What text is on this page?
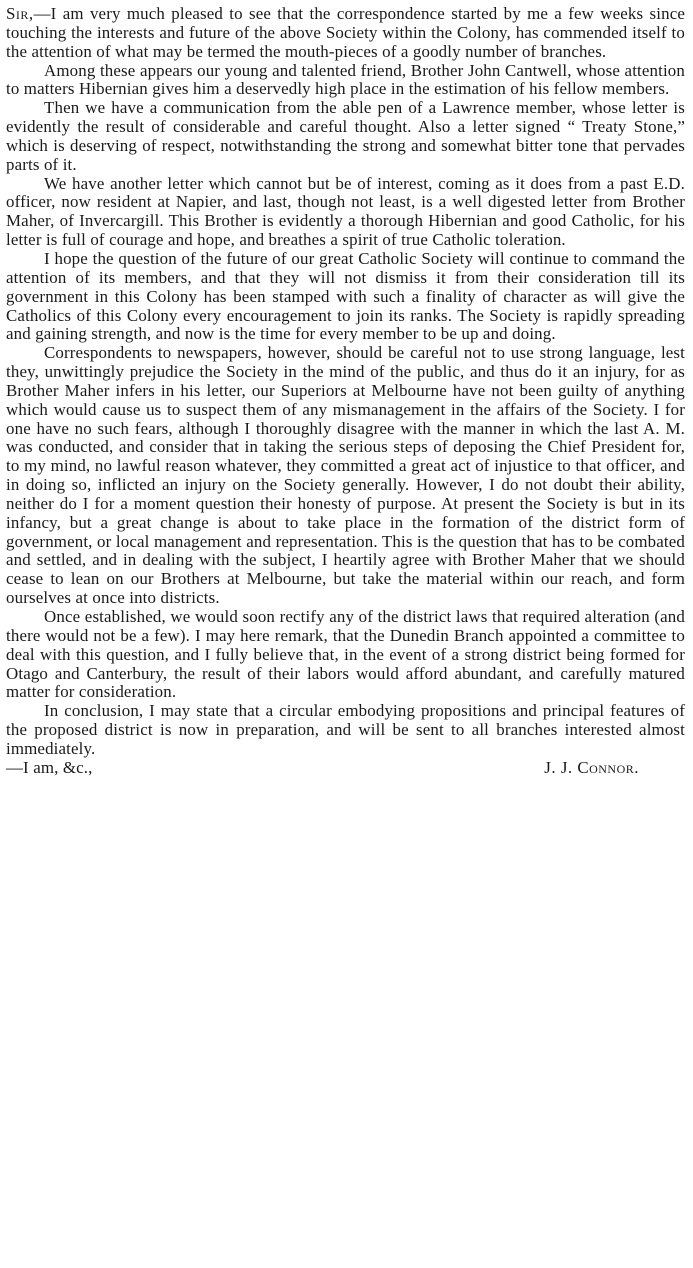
Sir,—I am very much pleased to see that the correspondence started by me a few weeks since touching the interests and future of the above Society within the Colony, has commended itself to the attention of what may be termed the mouth-pieces of a goodly number of branches.

Among these appears our young and talented friend, Brother John Cantwell, whose attention to matters Hibernian gives him a deservedly high place in the estimation of his fellow members.

Then we have a communication from the able pen of a Lawrence member, whose letter is evidently the result of considerable and careful thought. Also a letter signed “ Treaty Stone,” which is deserving of respect, notwithstanding the strong and somewhat bitter tone that pervades parts of it.

We have another letter which cannot but be of interest, coming as it does from a past E.D. officer, now resident at Napier, and last, though not least, is a well digested letter from Brother Maher, of Invercargill. This Brother is evidently a thorough Hibernian and good Catholic, for his letter is full of courage and hope, and breathes a spirit of true Catholic toleration.

I hope the question of the future of our great Catholic Society will continue to command the attention of its members, and that they will not dismiss it from their consideration till its government in this Colony has been stamped with such a finality of character as will give the Catholics of this Colony every encouragement to join its ranks. The Society is rapidly spreading and gaining strength, and now is the time for every member to be up and doing.

Correspondents to newspapers, however, should be careful not to use strong language, lest they, unwittingly prejudice the Society in the mind of the public, and thus do it an injury, for as Brother Maher infers in his letter, our Superiors at Melbourne have not been guilty of anything which would cause us to suspect them of any mismanagement in the affairs of the Society. I for one have no such fears, although I thoroughly disagree with the manner in which the last A. M. was conducted, and consider that in taking the serious steps of deposing the Chief President for, to my mind, no lawful reason whatever, they committed a great act of injustice to that officer, and in doing so, inflicted an injury on the Society generally. However, I do not doubt their ability, neither do I for a moment question their honesty of purpose. At present the Society is but in its infancy, but a great change is about to take place in the formation of the district form of government, or local management and representation. This is the question that has to be combated and settled, and in dealing with the subject, I heartily agree with Brother Maher that we should cease to lean on our Brothers at Melbourne, but take the material within our reach, and form ourselves at once into districts.

Once established, we would soon rectify any of the district laws that required alteration (and there would not be a few). I may here remark, that the Dunedin Branch appointed a committee to deal with this question, and I fully believe that, in the event of a strong district being formed for Otago and Canterbury, the result of their labors would afford abundant, and carefully matured matter for consideration.

In conclusion, I may state that a circular embodying propositions and principal features of the proposed district is now in preparation, and will be sent to all branches interested almost immediately.

—I am, &c.,	J. J. Connor.
